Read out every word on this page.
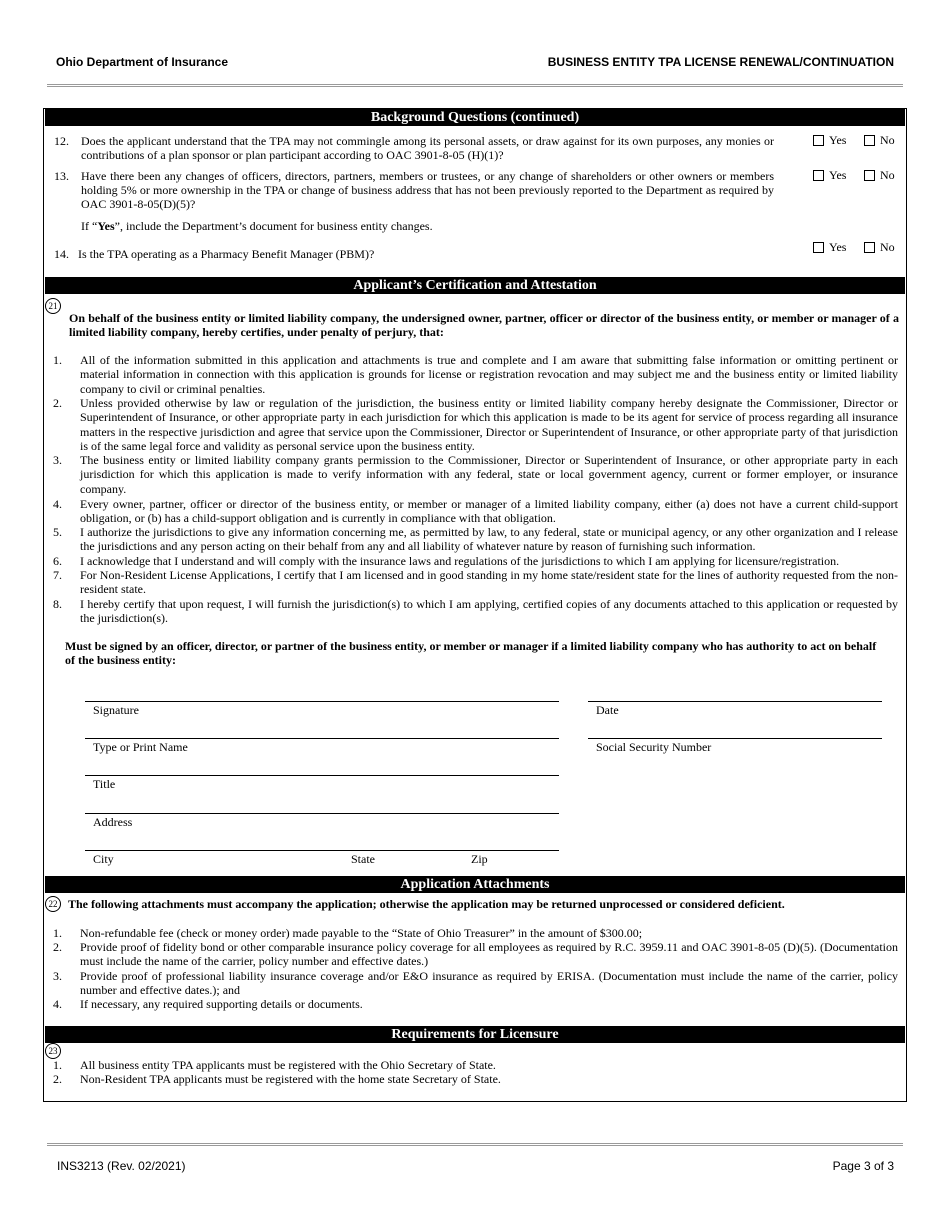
Ohio Department of Insurance	BUSINESS ENTITY TPA LICENSE RENEWAL/CONTINUATION
Background Questions (continued)
12. Does the applicant understand that the TPA may not commingle among its personal assets, or draw against for its own purposes, any monies or contributions of a plan sponsor or plan participant according to OAC 3901-8-05 (H)(1)?
Yes	No
13. Have there been any changes of officers, directors, partners, members or trustees, or any change of shareholders or other owners or members holding 5% or more ownership in the TPA or change of business address that has not been previously reported to the Department as required by OAC 3901-8-05(D)(5)?
Yes	No
If “Yes”, include the Department’s document for business entity changes.
14. Is the TPA operating as a Pharmacy Benefit Manager (PBM)?	Yes	No
Applicant’s Certification and Attestation
21
On behalf of the business entity or limited liability company, the undersigned owner, partner, officer or director of the business entity, or member or manager of a limited liability company, hereby certifies, under penalty of perjury, that:
1. All of the information submitted in this application and attachments is true and complete and I am aware that submitting false information or omitting pertinent or material information in connection with this application is grounds for license or registration revocation and may subject me and the business entity or limited liability company to civil or criminal penalties.
2. Unless provided otherwise by law or regulation of the jurisdiction, the business entity or limited liability company hereby designate the Commissioner, Director or Superintendent of Insurance, or other appropriate party in each jurisdiction for which this application is made to be its agent for service of process regarding all insurance matters in the respective jurisdiction and agree that service upon the Commissioner, Director or Superintendent of Insurance, or other appropriate party of that jurisdiction is of the same legal force and validity as personal service upon the business entity.
3. The business entity or limited liability company grants permission to the Commissioner, Director or Superintendent of Insurance, or other appropriate party in each jurisdiction for which this application is made to verify information with any federal, state or local government agency, current or former employer, or insurance company.
4. Every owner, partner, officer or director of the business entity, or member or manager of a limited liability company, either (a) does not have a current child-support obligation, or (b) has a child-support obligation and is currently in compliance with that obligation.
5. I authorize the jurisdictions to give any information concerning me, as permitted by law, to any federal, state or municipal agency, or any other organization and I release the jurisdictions and any person acting on their behalf from any and all liability of whatever nature by reason of furnishing such information.
6. I acknowledge that I understand and will comply with the insurance laws and regulations of the jurisdictions to which I am applying for licensure/registration.
7. For Non-Resident License Applications, I certify that I am licensed and in good standing in my home state/resident state for the lines of authority requested from the non-resident state.
8. I hereby certify that upon request, I will furnish the jurisdiction(s) to which I am applying, certified copies of any documents attached to this application or requested by the jurisdiction(s).
Must be signed by an officer, director, or partner of the business entity, or member or manager if a limited liability company who has authority to act on behalf of the business entity:
Signature	Date
Type or Print Name	Social Security Number
Title
Address
City	State	Zip
Application Attachments
22 The following attachments must accompany the application; otherwise the application may be returned unprocessed or considered deficient.
1. Non-refundable fee (check or money order) made payable to the “State of Ohio Treasurer” in the amount of $300.00;
2. Provide proof of fidelity bond or other comparable insurance policy coverage for all employees as required by R.C. 3959.11 and OAC 3901-8-05 (D)(5). (Documentation must include the name of the carrier, policy number and effective dates.)
3. Provide proof of professional liability insurance coverage and/or E&O insurance as required by ERISA. (Documentation must include the name of the carrier, policy number and effective dates.); and
4. If necessary, any required supporting details or documents.
Requirements for Licensure
23
1. All business entity TPA applicants must be registered with the Ohio Secretary of State.
2. Non-Resident TPA applicants must be registered with the home state Secretary of State.
INS3213 (Rev. 02/2021)	Page 3 of 3
